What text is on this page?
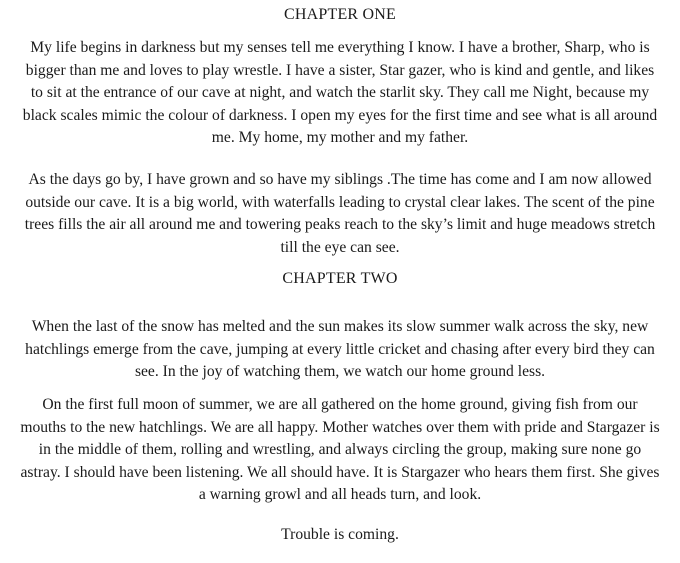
CHAPTER ONE
My life begins in darkness but my senses tell me everything I know. I have a brother, Sharp, who is bigger than me and loves to play wrestle. I have a sister, Star gazer, who is kind and gentle, and likes to sit at the entrance of our cave at night, and watch the starlit sky. They call me Night, because my black scales mimic the colour of darkness. I open my eyes for the first time and see what is all around me. My home, my mother and my father.
As the days go by, I have grown and so have my siblings .The time has come and I am now allowed outside our cave. It is a big world, with waterfalls leading to crystal clear lakes. The scent of the pine trees fills the air all around me and towering peaks reach to the sky’s limit and huge meadows stretch till the eye can see.
CHAPTER TWO
When the last of the snow has melted and the sun makes its slow summer walk across the sky, new hatchlings emerge from the cave, jumping at every little cricket and chasing after every bird they can see. In the joy of watching them, we watch our home ground less.
On the first full moon of summer, we are all gathered on the home ground, giving fish from our mouths to the new hatchlings. We are all happy. Mother watches over them with pride and Stargazer is in the middle of them, rolling and wrestling, and always circling the group, making sure none go astray. I should have been listening. We all should have. It is Stargazer who hears them first. She gives a warning growl and all heads turn, and look.
Trouble is coming.
